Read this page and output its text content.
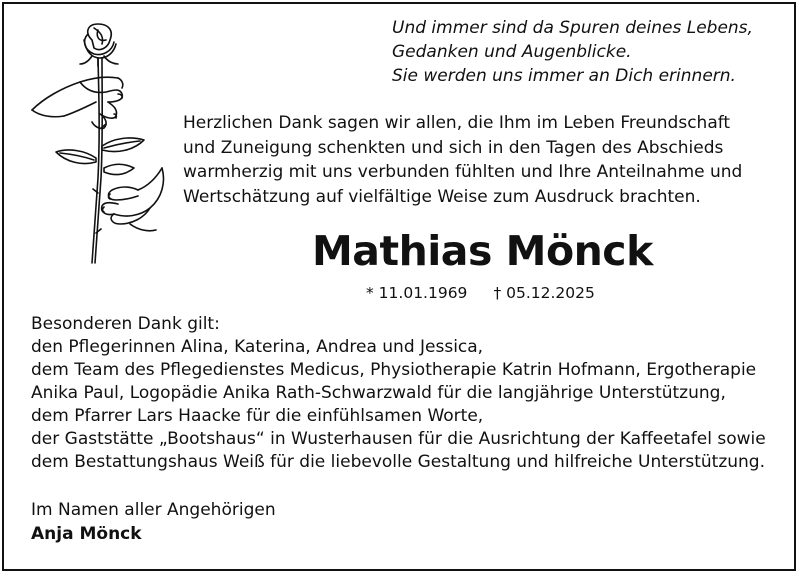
Und immer sind da Spuren deines Lebens,
Gedanken und Augenblicke.
Sie werden uns immer an Dich erinnern.
Herzlichen Dank sagen wir allen, die Ihm im Leben Freundschaft
und Zuneigung schenkten und sich in den Tagen des Abschieds
warmherzig mit uns verbunden fühlten und Ihre Anteilnahme und
Wertschätzung auf vielfältige Weise zum Ausdruck brachten.
Mathias Mönck
* 11.01.1969 † 05.12.2025
Besonderen Dank gilt:
den Pflegerinnen Alina, Katerina, Andrea und Jessica,
dem Team des Pflegedienstes Medicus, Physiotherapie Katrin Hofmann, Ergotherapie
Anika Paul, Logopädie Anika Rath-Schwarzwald für die langjährige Unterstützung,
dem Pfarrer Lars Haacke für die einfühlsamen Worte,
der Gaststätte „Bootshaus“ in Wusterhausen für die Ausrichtung der Kaffeetafel sowie
dem Bestattungshaus Weiß für die liebevolle Gestaltung und hilfreiche Unterstützung.
Im Namen aller Angehörigen
Anja Mönck
